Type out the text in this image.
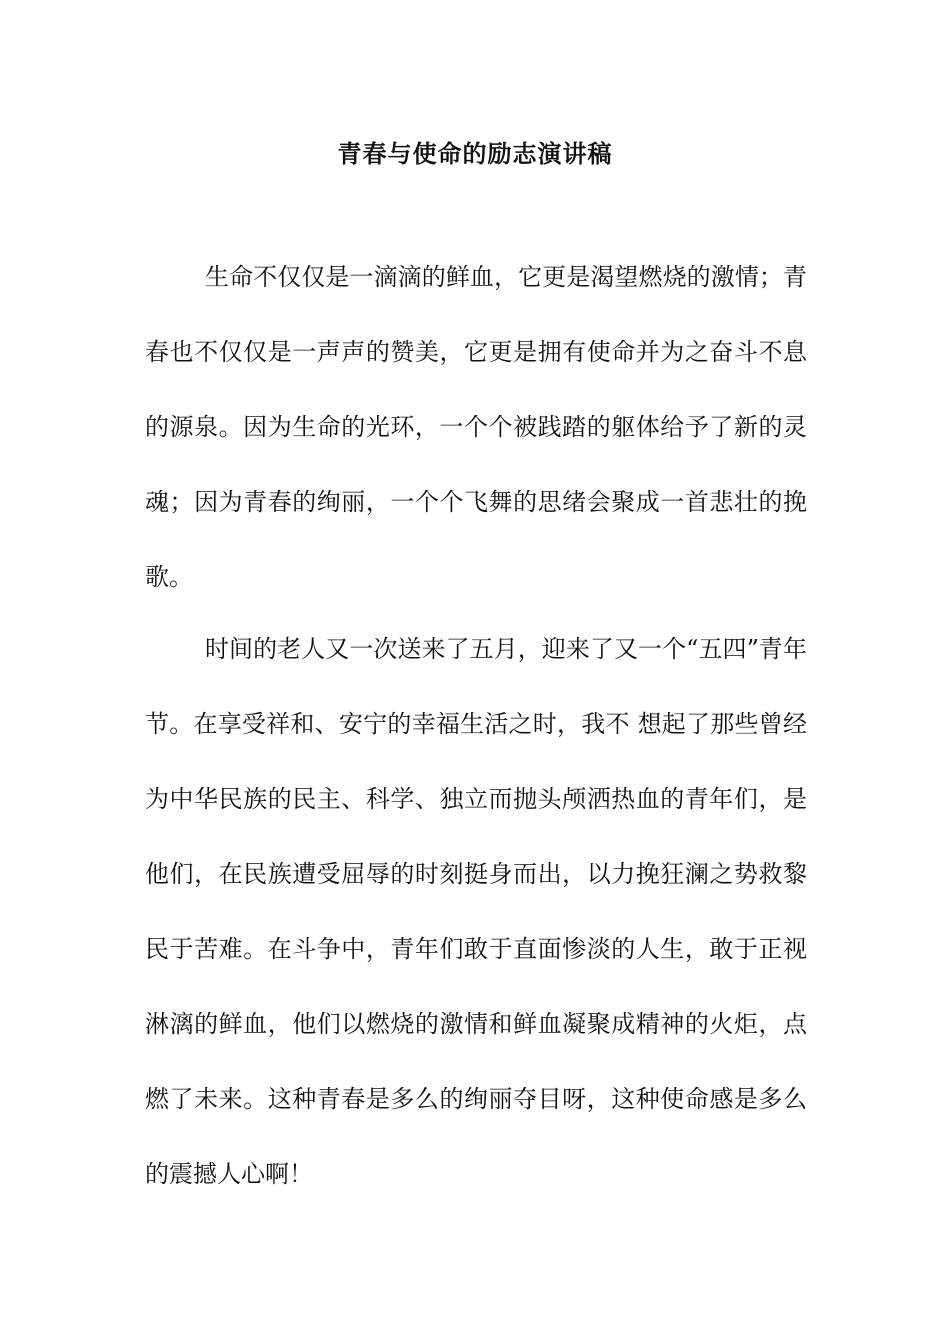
青春与使命的励志演讲稿

生命不仅仅是一滴滴的鲜血，它更是渴望燃烧的激情；青春也不仅仅是一声声的赞美，它更是拥有使命并为之奋斗不息的源泉。因为生命的光环，一个个被践踏的躯体给予了新的灵魂；因为青春的绚丽，一个个飞舞的思绪会聚成一首悲壮的挽歌。

时间的老人又一次送来了五月，迎来了又一个“五四”青年节。在享受祥和、安宁的幸福生活之时，我不 想起了那些曾经为中华民族的民主、科学、独立而抛头颅洒热血的青年们，是他们，在民族遭受屈辱的时刻挺身而出，以力挽狂澜之势救黎民于苦难。在斗争中，青年们敢于直面惨淡的人生，敢于正视淋漓的鲜血，他们以燃烧的激情和鲜血凝聚成精神的火炬，点燃了未来。这种青春是多么的绚丽夺目呀，这种使命感是多么的震撼人心啊！
